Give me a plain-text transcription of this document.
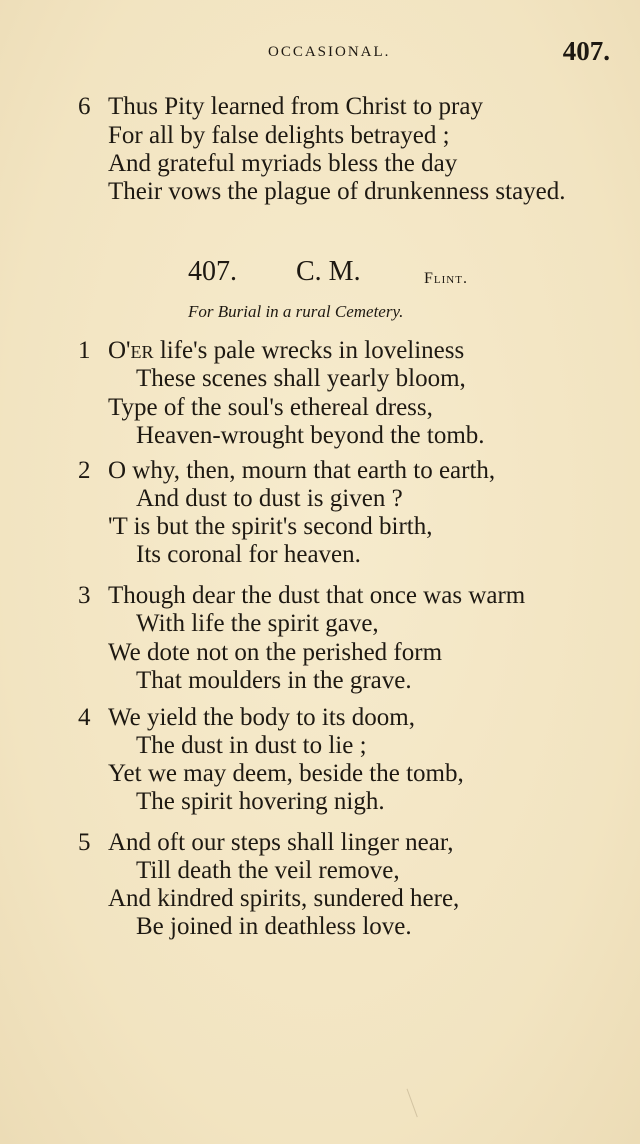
OCCASIONAL.	407.
6 Thus Pity learned from Christ to pray
For all by false delights betrayed ;
And grateful myriads bless the day
Their vows the plague of drunkenness stayed.
407. C. M.	Flint.
For Burial in a rural Cemetery.
1 O'er life's pale wrecks in loveliness
These scenes shall yearly bloom,
Type of the soul's ethereal dress,
Heaven-wrought beyond the tomb.
2 O why, then, mourn that earth to earth,
And dust to dust is given ?
'T is but the spirit's second birth,
Its coronal for heaven.
3 Though dear the dust that once was warm
With life the spirit gave,
We dote not on the perished form
That moulders in the grave.
4 We yield the body to its doom,
The dust in dust to lie ;
Yet we may deem, beside the tomb,
The spirit hovering nigh.
5 And oft our steps shall linger near,
Till death the veil remove,
And kindred spirits, sundered here,
Be joined in deathless love.
